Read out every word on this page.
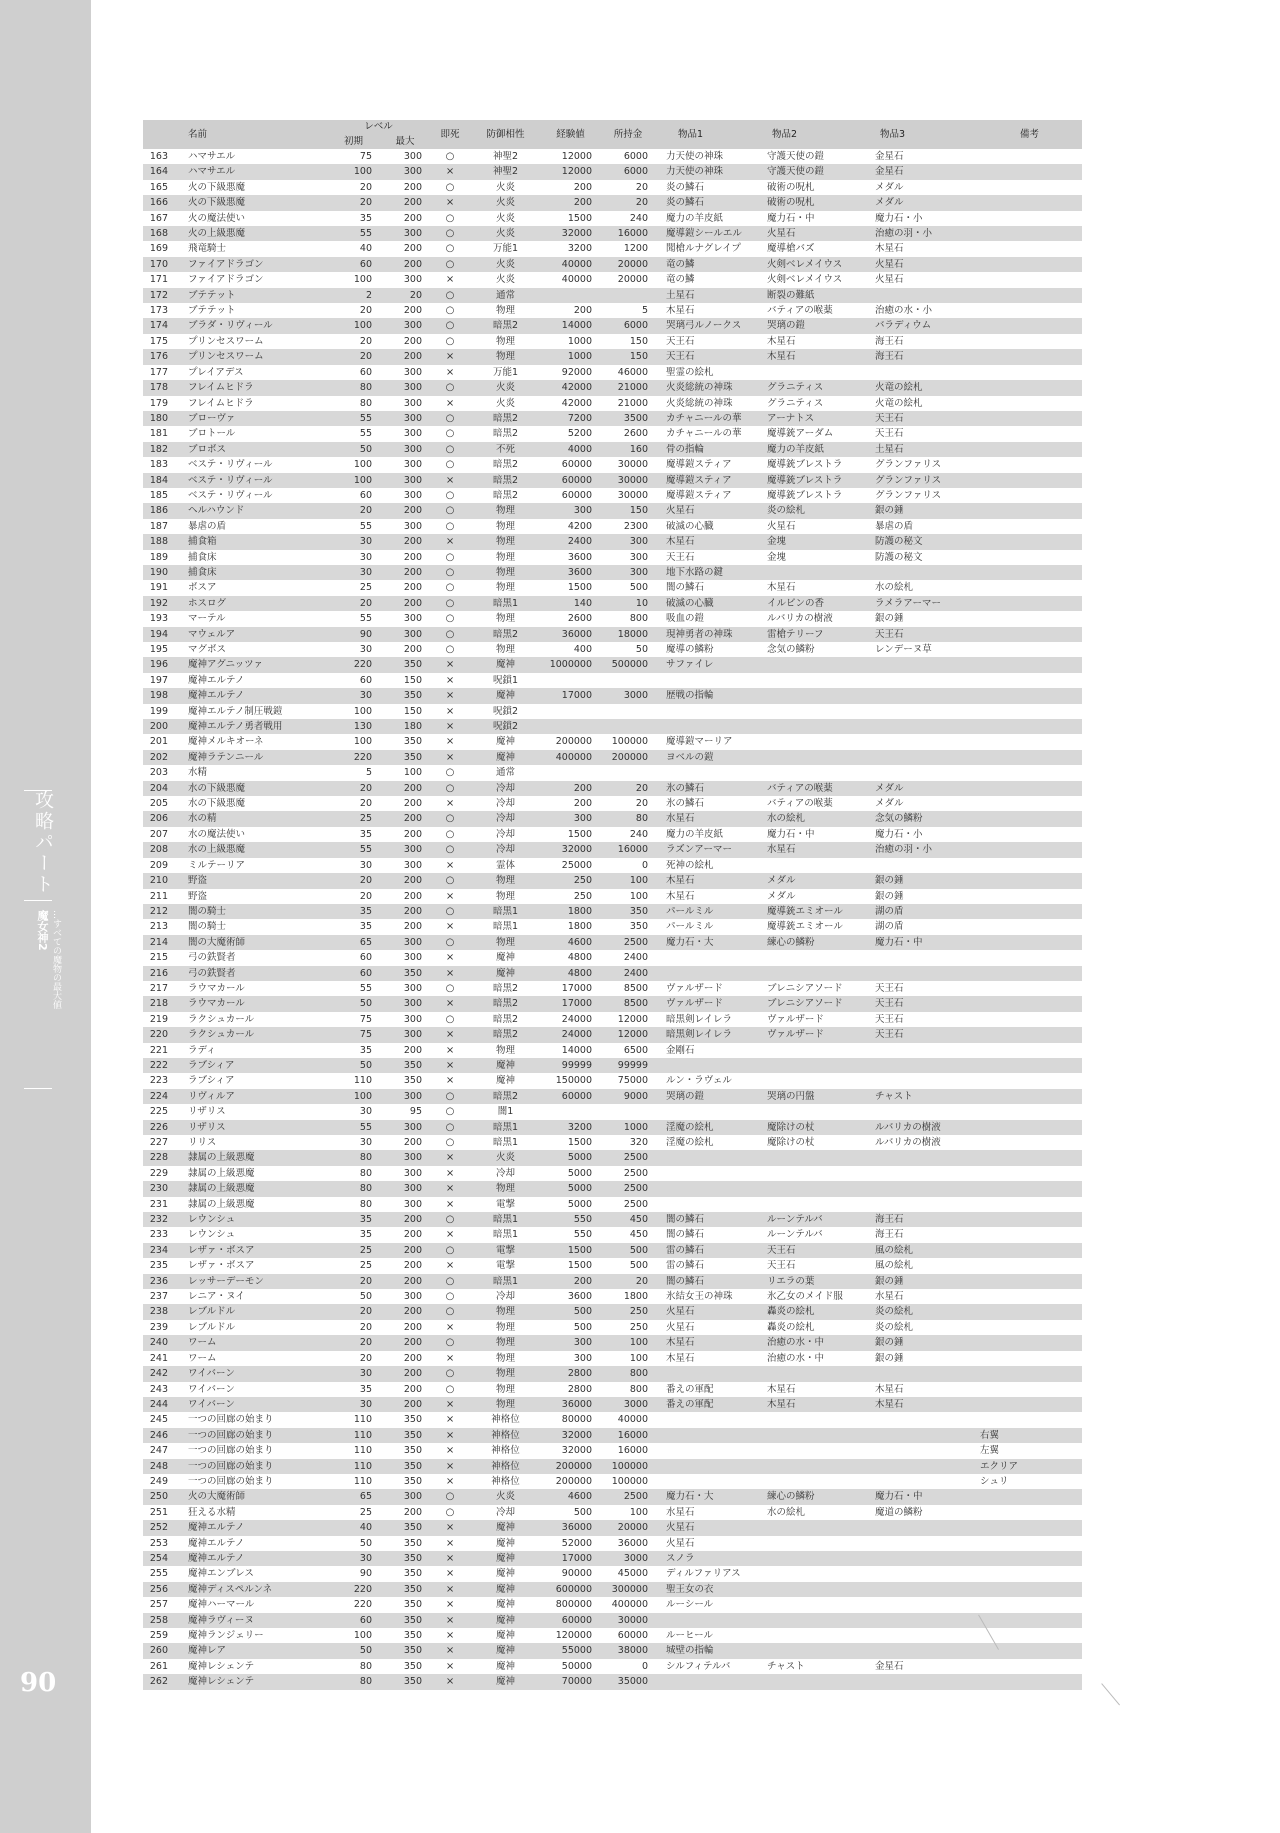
攻略パート
魔女神2 …すべての魔物の最大値
90
	名前	レベル		即死	防御相性	経験値	所持金	物品1	物品2	物品3	備考
		初期	最大								
163	ハマサエル	75	300	○	神聖2	12000	6000	力天使の神珠	守護天使の鎧	金星石	
164	ハマサエル	100	300	×	神聖2	12000	6000	力天使の神珠	守護天使の鎧	金星石	
165	火の下級悪魔	20	200	○	火炎	200	20	炎の鱗石	破術の呪札	メダル	
166	火の下級悪魔	20	200	×	火炎	200	20	炎の鱗石	破術の呪札	メダル	
167	火の魔法使い	35	200	○	火炎	1500	240	魔力の羊皮紙	魔力石・中	魔力石・小	
168	火の上級悪魔	55	300	○	火炎	32000	16000	魔導鎧シールエル	火星石	治癒の羽・小	
169	飛竜騎士	40	200	○	万能1	3200	1200	聞槍ルナグレイプ	魔導槍バズ	木星石	
170	ファイアドラゴン	60	200	○	火炎	40000	20000	竜の鱗	火剣ベレメイウス	火星石	
171	ファイアドラゴン	100	300	×	火炎	40000	20000	竜の鱗	火剣ベレメイウス	火星石	
172	ブテテット	2	20	○	通常			土星石	断裂の難紙		
173	ブテテット	20	200	○	物理	200	5	木星石	バティアの喉薬	治癒の水・小	
174	ブラダ・リヴィール	100	300	○	暗黒2	14000	6000	哭璃弓ルノークス	哭璃の鎧	バラディウム	
175	プリンセスワーム	20	200	○	物理	1000	150	天王石	木星石	海王石	
176	プリンセスワーム	20	200	×	物理	1000	150	天王石	木星石	海王石	
177	プレイアデス	60	300	×	万能1	92000	46000	聖霊の絵札			
178	フレイムヒドラ	80	300	○	火炎	42000	21000	火炎総統の神珠	グラニティス	火竜の絵札	
179	フレイムヒドラ	80	300	×	火炎	42000	21000	火炎総統の神珠	グラニティス	火竜の絵札	
180	ブローヴァ	55	300	○	暗黒2	7200	3500	カチャニールの華	アーナトス	天王石	
181	ブロトール	55	300	○	暗黒2	5200	2600	カチャニールの華	魔導銃アーダム	天王石	
182	ブロボス	50	300	○	不死	4000	160	骨の指輪	魔力の羊皮紙	土星石	
183	ベステ・リヴィール	100	300	○	暗黒2	60000	30000	魔導鎧スティア	魔導銃ブレストラ	グランファリス	
184	ベステ・リヴィール	100	300	×	暗黒2	60000	30000	魔導鎧スティア	魔導銃ブレストラ	グランファリス	
185	ベステ・リヴィール	60	300	○	暗黒2	60000	30000	魔導鎧スティア	魔導銃ブレストラ	グランファリス	
186	ヘルハウンド	20	200	○	物理	300	150	火星石	炎の絵札	銀の錘	
187	暴虐の盾	55	300	○	物理	4200	2300	破滅の心臓	火星石	暴虐の盾	
188	捕食箱	30	200	×	物理	2400	300	木星石	金塊	防護の秘文	
189	捕食床	30	200	○	物理	3600	300	天王石	金塊	防護の秘文	
190	捕食床	30	200	○	物理	3600	300	地下水路の鍵			
191	ボスア	25	200	○	物理	1500	500	闇の鱗石	木星石	水の絵札	
192	ホスログ	20	200	○	暗黒1	140	10	破滅の心臓	イルビンの香	ラメラアーマー	
193	マーテル	55	300	○	物理	2600	800	吸血の鎧	ルバリカの樹液	銀の錘	
194	マウェルア	90	300	○	暗黒2	36000	18000	現神勇者の神珠	雷槍テリーフ	天王石	
195	マグボス	30	200	○	物理	400	50	魔導の鱗粉	念気の鱗粉	レンデーヌ草	
196	魔神アグニッツァ	220	350	×	魔神	1000000	500000	サファイレ			
197	魔神エルテノ	60	150	×	呪鎖1						
198	魔神エルテノ	30	350	×	魔神	17000	3000	歴戦の指輪			
199	魔神エルテノ制圧戦鎧	100	150	×	呪鎖2						
200	魔神エルテノ勇者戦用	130	180	×	呪鎖2						
201	魔神メルキオーネ	100	350	×	魔神	200000	100000	魔導鎧マーリア			
202	魔神ラテンニール	220	350	×	魔神	400000	200000	ヨベルの鎧			
203	水精	5	100	○	通常						
204	水の下級悪魔	20	200	○	冷却	200	20	氷の鱗石	バティアの喉薬	メダル	
205	水の下級悪魔	20	200	×	冷却	200	20	氷の鱗石	バティアの喉薬	メダル	
206	水の精	25	200	○	冷却	300	80	水星石	水の絵札	念気の鱗粉	
207	水の魔法使い	35	200	○	冷却	1500	240	魔力の羊皮紙	魔力石・中	魔力石・小	
208	水の上級悪魔	55	300	○	冷却	32000	16000	ラズンアーマー	水星石	治癒の羽・小	
209	ミルテーリア	30	300	×	霊体	25000	0	死神の絵札			
210	野盗	20	200	○	物理	250	100	木星石	メダル	銀の錘	
211	野盗	20	200	×	物理	250	100	木星石	メダル	銀の錘	
212	闇の騎士	35	200	○	暗黒1	1800	350	パールミル	魔導銃エミオール	湖の盾	
213	闇の騎士	35	200	×	暗黒1	1800	350	パールミル	魔導銃エミオール	湖の盾	
214	闇の大魔術師	65	300	○	物理	4600	2500	魔力石・大	練心の鱗粉	魔力石・中	
215	弓の鉄賢者	60	300	×	魔神	4800	2400				
216	弓の鉄賢者	60	350	×	魔神	4800	2400				
217	ラウマカール	55	300	○	暗黒2	17000	8500	ヴァルザード	ブレニシアソード	天王石	
218	ラウマカール	50	300	×	暗黒2	17000	8500	ヴァルザード	ブレニシアソード	天王石	
219	ラクシュカール	75	300	○	暗黒2	24000	12000	暗黒剣レイレラ	ヴァルザード	天王石	
220	ラクシュカール	75	300	×	暗黒2	24000	12000	暗黒剣レイレラ	ヴァルザード	天王石	
221	ラディ	35	200	×	物理	14000	6500	金剛石			
222	ラブシィア	50	350	×	魔神	99999	99999				
223	ラブシィア	110	350	×	魔神	150000	75000	ルン・ラヴェル			
224	リヴィルア	100	300	○	暗黒2	60000	9000	哭璃の鎧	哭璃の円盤	チャスト	
225	リザリス	30	95	○	闇1						
226	リザリス	55	300	○	暗黒1	3200	1000	淫魔の絵札	魔除けの杖	ルバリカの樹液	
227	リリス	30	200	○	暗黒1	1500	320	淫魔の絵札	魔除けの杖	ルバリカの樹液	
228	隷属の上級悪魔	80	300	×	火炎	5000	2500				
229	隷属の上級悪魔	80	300	×	冷却	5000	2500				
230	隷属の上級悪魔	80	300	×	物理	5000	2500				
231	隷属の上級悪魔	80	300	×	電撃	5000	2500				
232	レウンシュ	35	200	○	暗黒1	550	450	闇の鱗石	ルーンテルバ	海王石	
233	レウンシュ	35	200	×	暗黒1	550	450	闇の鱗石	ルーンテルバ	海王石	
234	レザァ・ボスア	25	200	○	電撃	1500	500	雷の鱗石	天王石	風の絵札	
235	レザァ・ボスア	25	200	×	電撃	1500	500	雷の鱗石	天王石	風の絵札	
236	レッサーデーモン	20	200	○	暗黒1	200	20	闇の鱗石	リエラの葉	銀の錘	
237	レニア・ヌイ	50	300	○	冷却	3600	1800	氷結女王の神珠	氷乙女のメイド服	水星石	
238	レブルドル	20	200	○	物理	500	250	火星石	轟炎の絵札	炎の絵札	
239	レブルドル	20	200	×	物理	500	250	火星石	轟炎の絵札	炎の絵札	
240	ワーム	20	200	○	物理	300	100	木星石	治癒の水・中	銀の錘	
241	ワーム	20	200	×	物理	300	100	木星石	治癒の水・中	銀の錘	
242	ワイバーン	30	200	○	物理	2800	800				
243	ワイバーン	35	200	○	物理	2800	800	番えの軍配	木星石	木星石	
244	ワイバーン	30	200	×	物理	36000	3000	番えの軍配	木星石	木星石	
245	一つの回廊の始まり	110	350	×	神格位	80000	40000				
246	一つの回廊の始まり	110	350	×	神格位	32000	16000				右翼
247	一つの回廊の始まり	110	350	×	神格位	32000	16000				左翼
248	一つの回廊の始まり	110	350	×	神格位	200000	100000				エクリア
249	一つの回廊の始まり	110	350	×	神格位	200000	100000				シュリ
250	火の大魔術師	65	300	○	火炎	4600	2500	魔力石・大	練心の鱗粉	魔力石・中	
251	狂える水精	25	200	○	冷却	500	100	水星石	水の絵札	魔道の鱗粉	
252	魔神エルテノ	40	350	×	魔神	36000	20000	火星石			
253	魔神エルテノ	50	350	×	魔神	52000	36000	火星石			
254	魔神エルテノ	30	350	×	魔神	17000	3000	スノラ			
255	魔神エンブレス	90	350	×	魔神	90000	45000	ディルファリアス			
256	魔神ディスペルンネ	220	350	×	魔神	600000	300000	聖王女の衣			
257	魔神ハーマール	220	350	×	魔神	800000	400000	ルーシール			
258	魔神ラヴィーヌ	60	350	×	魔神	60000	30000				
259	魔神ランジェリー	100	350	×	魔神	120000	60000	ルーヒール			
260	魔神レア	50	350	×	魔神	55000	38000	城壁の指輪			
261	魔神レシェンテ	80	350	×	魔神	50000	0	シルフィテルバ	チャスト	金星石	
262	魔神レシェンテ	80	350	×	魔神	70000	35000				
